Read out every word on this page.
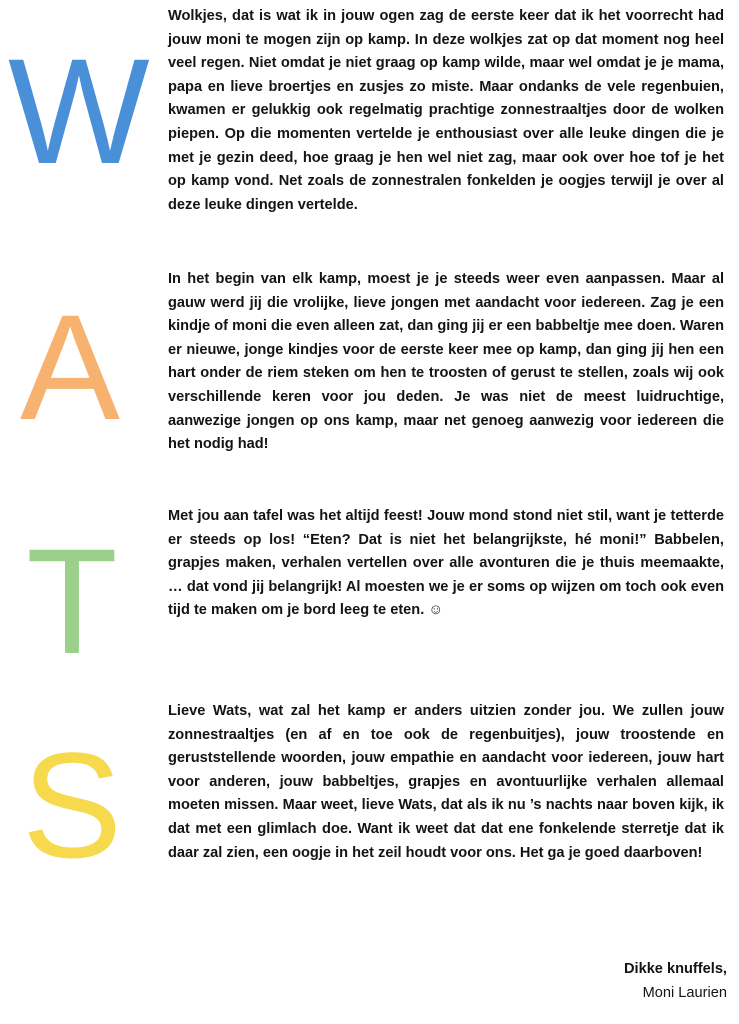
W
A
T
S

Wolkjes, dat is wat ik in jouw ogen zag de eerste keer dat ik het voorrecht had jouw moni te mogen zijn op kamp. In deze wolkjes zat op dat moment nog heel veel regen. Niet omdat je niet graag op kamp wilde, maar wel omdat je je mama, papa en lieve broertjes en zusjes zo miste. Maar ondanks de vele regenbuien, kwamen er gelukkig ook regelmatig prachtige zonnestraaltjes door de wolken piepen. Op die momenten vertelde je enthousiast over alle leuke dingen die je met je gezin deed, hoe graag je hen wel niet zag, maar ook over hoe tof je het op kamp vond. Net zoals de zonnestralen fonkelden je oogjes terwijl je over al deze leuke dingen vertelde.

In het begin van elk kamp, moest je je steeds weer even aanpassen. Maar al gauw werd jij die vrolijke, lieve jongen met aandacht voor iedereen. Zag je een kindje of moni die even alleen zat, dan ging jij er een babbeltje mee doen. Waren er nieuwe, jonge kindjes voor de eerste keer mee op kamp, dan ging jij hen een hart onder de riem steken om hen te troosten of gerust te stellen, zoals wij ook verschillende keren voor jou deden. Je was niet de meest luidruchtige, aanwezige jongen op ons kamp, maar net genoeg aanwezig voor iedereen die het nodig had!

Met jou aan tafel was het altijd feest! Jouw mond stond niet stil, want je tetterde er steeds op los! “Eten? Dat is niet het belangrijkste, hé moni!” Babbelen, grapjes maken, verhalen vertellen over alle avonturen die je thuis meemaakte, … dat vond jij belangrijk! Al moesten we je er soms op wijzen om toch ook even tijd te maken om je bord leeg te eten. ☺

Lieve Wats, wat zal het kamp er anders uitzien zonder jou. We zullen jouw zonnestraaltjes (en af en toe ook de regenbuitjes), jouw troostende en geruststellende woorden, jouw empathie en aandacht voor iedereen, jouw hart voor anderen, jouw babbeltjes, grapjes en avontuurlijke verhalen allemaal moeten missen. Maar weet, lieve Wats, dat als ik nu ’s nachts naar boven kijk, ik dat met een glimlach doe. Want ik weet dat dat ene fonkelende sterretje dat ik daar zal zien, een oogje in het zeil houdt voor ons. Het ga je goed daarboven!

Dikke knuffels,
Moni Laurien
